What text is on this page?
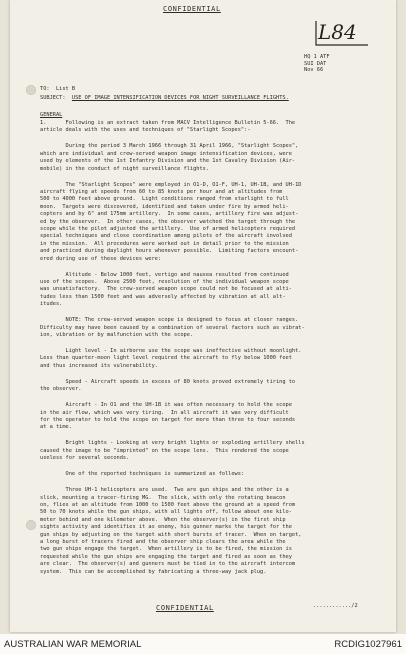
CONFIDENTIAL
L84
HQ 1 ATF
SUI DAT
Nov 66
TO:  List B
SUBJECT: USE OF IMAGE INTENSIFICATION DEVICES FOR NIGHT SURVEILLANCE FLIGHTS.
GENERAL
1.      Following is an extract taken from MACV Intelligence Bulletin 5-66.  The
article deals with the uses and techniques of "Starlight Scopes":-
During the period 3 March 1966 through 31 April 1966, "Starlight Scopes",
which are individual and crew-served weapon image intensification devices, were
used by elements of the 1st Infantry Division and the 1st Cavalry Division (Air-
mobile) in the conduct of night surveillance flights.
The "Starlight Scopes" were employed in O1-D, O1-F, UH-1, UH-1B, and UH-1D
aircraft flying at speeds from 60 to 85 knots per hour and at altitudes from
500 to 4000 feet above ground.  Light conditions ranged from starlight to full
moon.  Targets were discovered, identified and taken under fire by armed heli-
copters and by 6" and 175mm artillery.  In some cases, artillery fire was adjust-
ed by the observer.  In other cases, the observer watched the target through the
scope while the pilot adjusted the artillery.  Use of armed helicopters required
special techniques and close coordination among pilots of the aircraft involved
in the mission.  All procedures were worked out in detail prior to the mission
and practiced during daylight hours whenever possible.  Limiting factors encount-
ered during use of these devices were:
Altitude - Below 1000 feet, vertigo and nausea resulted from continued
use of the scopes.  Above 2500 feet, resolution of the individual weapon scope
was unsatisfactory.  The crew-served weapon scope could not be focused at alti-
tudes less than 1500 feet and was adversely affected by vibration at all alt-
itudes.
NOTE: The crew-served weapon scope is designed to focus at closer ranges.
Difficulty may have been caused by a combination of several factors such as vibrat-
ion, vibration or by malfunction with the scope.
Light level - In airborne use the scope was ineffective without moonlight.
Less than quarter-moon light level required the aircraft to fly below 1000 feet
and thus increased its vulnerability.
Speed - Aircraft speeds in excess of 80 knots proved extremely tiring to
the observer.
Aircraft - In O1 and the UH-1B it was often necessary to hold the scope
in the air flow, which was very tiring.  In all aircraft it was very difficult
for the operator to hold the scope on target for more than three to four seconds
at a time.
Bright lights - Looking at very bright lights or exploding artillery shells
caused the image to be "imprinted" on the scope lens.  This rendered the scope
useless for several seconds.
One of the reported techniques is summarized as follows:
Three UH-1 helicopters are used.  Two are gun ships and the other is a
slick, mounting a tracer-firing MG.  The slick, with only the rotating beacon
on, flies at an altitude from 1000 to 1500 feet above the ground at a speed from
50 to 70 knots while the gun ships, with all lights off, follow about one kilo-
meter behind and one kilometer above.  When the observer(s) in the first ship
sights activity and identifies it as enemy, his gunner marks the target for the
gun ships by adjusting on the target with short bursts of tracer.  When on target,
a long burst of tracers fired and the observer ship clears the area while the
two gun ships engage the target.  When artillery is to be fired, the mission is
requested while the gun ships are engaging the target and fired as soon as they
are clear.  The observer(s) and gunners must be tied in to the aircraft intercom
system.  This can be accomplished by fabricating a three-way jack plug.
CONFIDENTIAL	............/2
AUSTRALIAN WAR MEMORIAL	RCDIG1027961
